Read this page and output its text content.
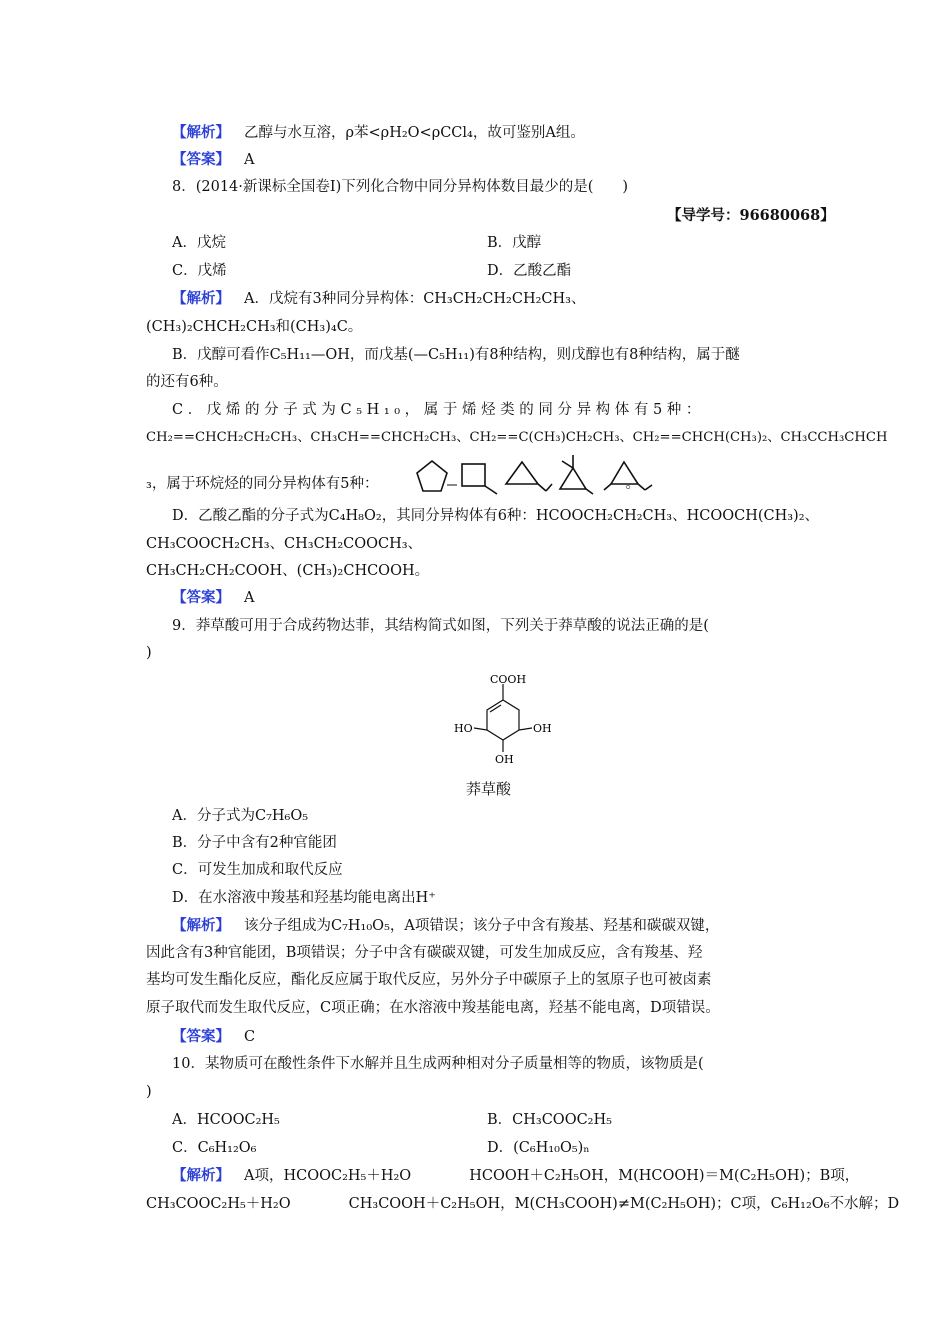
【解析】 乙醇与水互溶，ρ苯<ρH₂O<ρCCl₄，故可鉴别A组。
【答案】 A
8．(2014·新课标全国卷Ⅰ)下列化合物中同分异构体数目最少的是(　　)
【导学号：96680068】
A．戊烷	B．戊醇
C．戊烯	D．乙酸乙酯
【解析】 A．戊烷有3种同分异构体：CH₃CH₂CH₂CH₂CH₃、
(CH₃)₂CHCH₂CH₃和(CH₃)₄C。
B．戊醇可看作C₅H₁₁—OH，而戊基(—C₅H₁₁)有8种结构，则戊醇也有8种结构，属于醚
的还有6种。
C．戊烯的分子式为C₅H₁₀，属于烯烃类的同分异构体有5种：
CH₂==CHCH₂CH₂CH₃、CH₃CH==CHCH₂CH₃、CH₂==C(CH₃)CH₂CH₃、CH₂==CHCH(CH₃)₂、CH₃CCH₃CHCH
₃，属于环烷烃的同分异构体有5种：	。
D．乙酸乙酯的分子式为C₄H₈O₂，其同分异构体有6种：HCOOCH₂CH₂CH₃、HCOOCH(CH₃)₂、
CH₃COOCH₂CH₃、CH₃CH₂COOCH₃、
CH₃CH₂CH₂COOH、(CH₃)₂CHCOOH。
【答案】 A
9．莽草酸可用于合成药物达菲，其结构简式如图，下列关于莽草酸的说法正确的是(
)
COOH
HO	OH
OH
莽草酸
A．分子式为C₇H₆O₅
B．分子中含有2种官能团
C．可发生加成和取代反应
D．在水溶液中羧基和羟基均能电离出H⁺
【解析】 该分子组成为C₇H₁₀O₅，A项错误；该分子中含有羧基、羟基和碳碳双键，
因此含有3种官能团，B项错误；分子中含有碳碳双键，可发生加成反应，含有羧基、羟
基均可发生酯化反应，酯化反应属于取代反应，另外分子中碳原子上的氢原子也可被卤素
原子取代而发生取代反应，C项正确；在水溶液中羧基能电离，羟基不能电离，D项错误。
【答案】 C
10．某物质可在酸性条件下水解并且生成两种相对分子质量相等的物质，该物质是(
)
A．HCOOC₂H₅	B．CH₃COOC₂H₅
C．C₆H₁₂O₆	D．(C₆H₁₀O₅)ₙ
【解析】 A项，HCOOC₂H₅＋H₂O	HCOOH＋C₂H₅OH，M(HCOOH)＝M(C₂H₅OH)；B项，
CH₃COOC₂H₅＋H₂O	CH₃COOH＋C₂H₅OH，M(CH₃COOH)≠M(C₂H₅OH)；C项，C₆H₁₂O₆不水解；D
